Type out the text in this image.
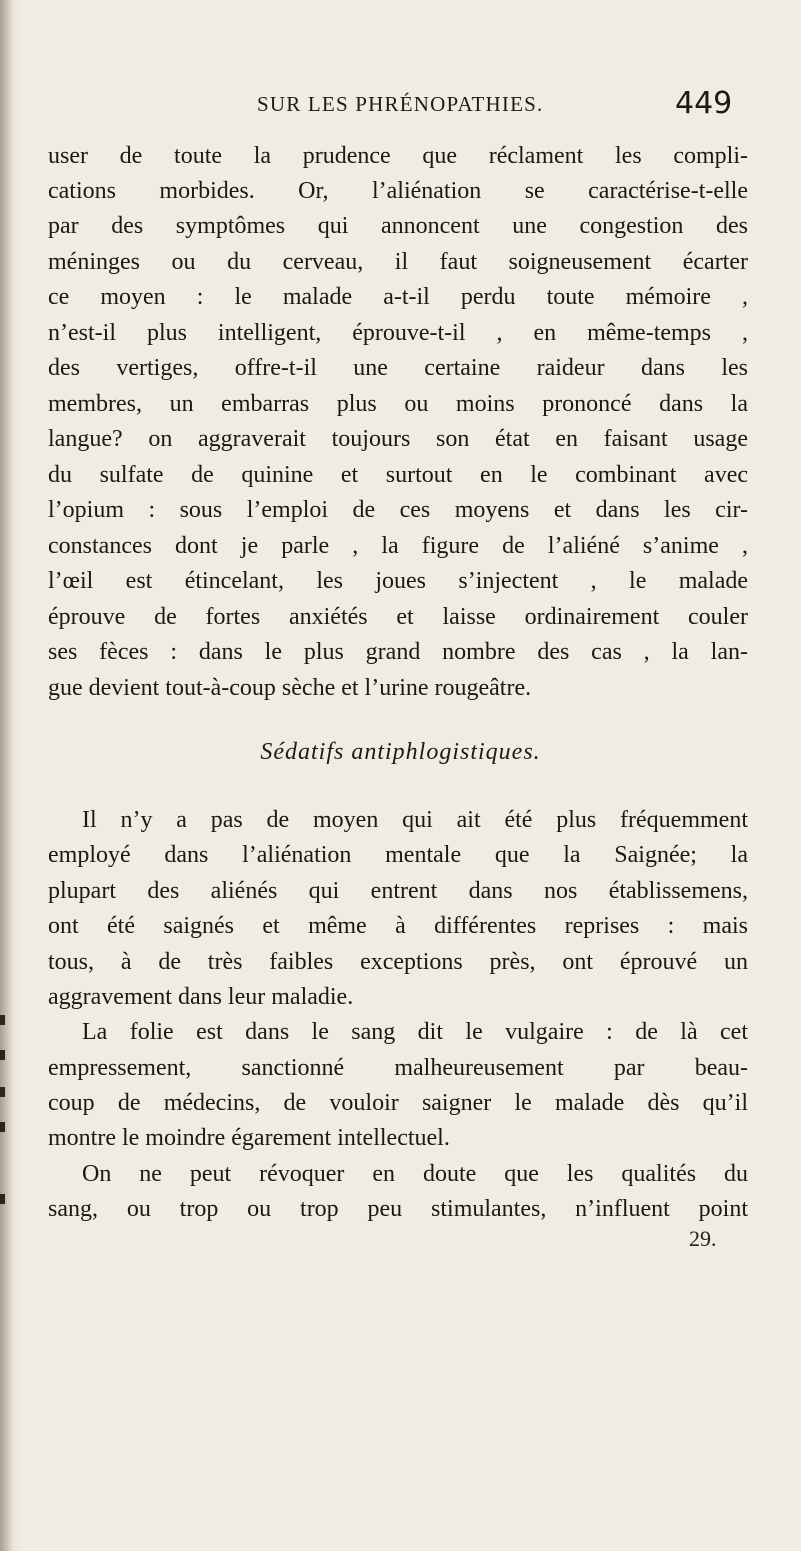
SUR LES PHRÉNOPATHIES.	449
user de toute la prudence que réclament les compli-
cations morbides. Or, l’aliénation se caractérise-t-elle
par des symptômes qui annoncent une congestion des
méninges ou du cerveau, il faut soigneusement écarter
ce moyen : le malade a-t-il perdu toute mémoire ,
n’est-il plus intelligent, éprouve-t-il , en même-temps ,
des vertiges, offre-t-il une certaine raideur dans les
membres, un embarras plus ou moins prononcé dans la
langue? on aggraverait toujours son état en faisant usage
du sulfate de quinine et surtout en le combinant avec
l’opium : sous l’emploi de ces moyens et dans les cir-
constances dont je parle , la figure de l’aliéné s’anime ,
l’œil est étincelant, les joues s’injectent , le malade
éprouve de fortes anxiétés et laisse ordinairement couler
ses fèces : dans le plus grand nombre des cas , la lan-
gue devient tout-à-coup sèche et l’urine rougeâtre.
Sédatifs antiphlogistiques.
Il n’y a pas de moyen qui ait été plus fréquemment
employé dans l’aliénation mentale que la Saignée; la
plupart des aliénés qui entrent dans nos établissemens,
ont été saignés et même à différentes reprises : mais
tous, à de très faibles exceptions près, ont éprouvé un
aggravement dans leur maladie.
La folie est dans le sang dit le vulgaire : de là cet
empressement, sanctionné malheureusement par beau-
coup de médecins, de vouloir saigner le malade dès qu’il
montre le moindre égarement intellectuel.
On ne peut révoquer en doute que les qualités du
sang, ou trop ou trop peu stimulantes, n’influent point
29.
